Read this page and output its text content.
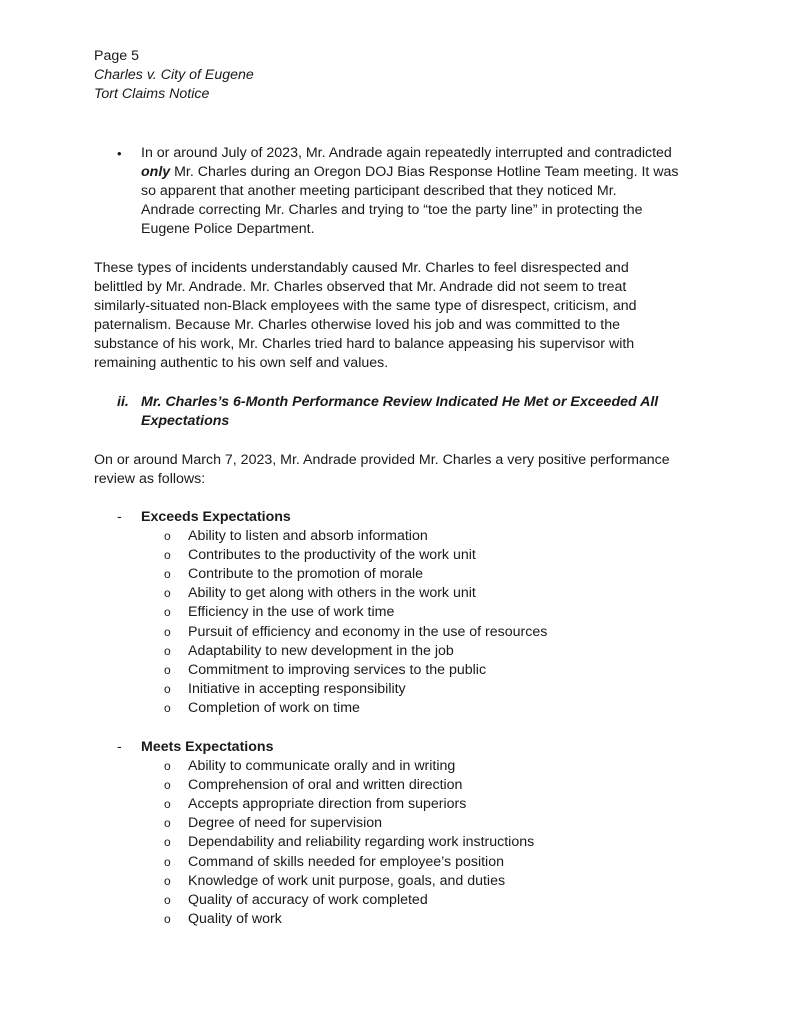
Page 5
Charles v. City of Eugene
Tort Claims Notice
• In or around July of 2023, Mr. Andrade again repeatedly interrupted and contradicted
only Mr. Charles during an Oregon DOJ Bias Response Hotline Team meeting. It was
so apparent that another meeting participant described that they noticed Mr.
Andrade correcting Mr. Charles and trying to “toe the party line” in protecting the
Eugene Police Department.
These types of incidents understandably caused Mr. Charles to feel disrespected and
belittled by Mr. Andrade. Mr. Charles observed that Mr. Andrade did not seem to treat
similarly-situated non-Black employees with the same type of disrespect, criticism, and
paternalism. Because Mr. Charles otherwise loved his job and was committed to the
substance of his work, Mr. Charles tried hard to balance appeasing his supervisor with
remaining authentic to his own self and values.
ii. Mr. Charles’s 6-Month Performance Review Indicated He Met or Exceeded All
Expectations
On or around March 7, 2023, Mr. Andrade provided Mr. Charles a very positive performance
review as follows:
- Exceeds Expectations
o Ability to listen and absorb information
o Contributes to the productivity of the work unit
o Contribute to the promotion of morale
o Ability to get along with others in the work unit
o Efficiency in the use of work time
o Pursuit of efficiency and economy in the use of resources
o Adaptability to new development in the job
o Commitment to improving services to the public
o Initiative in accepting responsibility
o Completion of work on time
- Meets Expectations
o Ability to communicate orally and in writing
o Comprehension of oral and written direction
o Accepts appropriate direction from superiors
o Degree of need for supervision
o Dependability and reliability regarding work instructions
o Command of skills needed for employee’s position
o Knowledge of work unit purpose, goals, and duties
o Quality of accuracy of work completed
o Quality of work
